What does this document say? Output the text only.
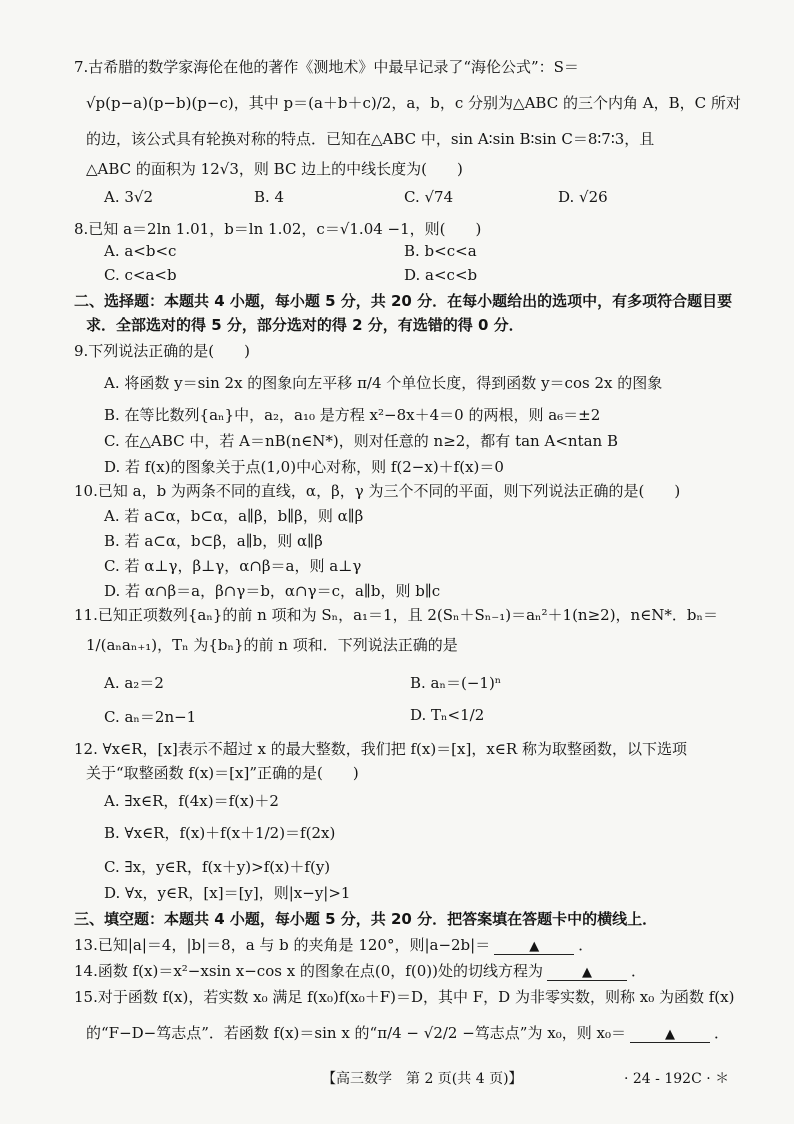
7.古希腊的数学家海伦在他的著作《测地术》中最早记录了“海伦公式”：S＝
√p(p−a)(p−b)(p−c)，其中 p＝(a＋b＋c)/2，a，b，c 分别为△ABC 的三个内角 A，B，C 所对
的边，该公式具有轮换对称的特点．已知在△ABC 中，sin A∶sin B∶sin C＝8∶7∶3，且
△ABC 的面积为 12√3，则 BC 边上的中线长度为(　　)
A. 3√2	B. 4	C. √74	D. √26
8.已知 a＝2ln 1.01，b＝ln 1.02，c＝√1.04 −1，则(　　)
A. a<b<c	B. b<c<a
C. c<a<b	D. a<c<b
二、选择题：本题共 4 小题，每小题 5 分，共 20 分．在每小题给出的选项中，有多项符合题目要
求．全部选对的得 5 分，部分选对的得 2 分，有选错的得 0 分．
9.下列说法正确的是(　　)
A. 将函数 y＝sin 2x 的图象向左平移 π/4 个单位长度，得到函数 y＝cos 2x 的图象
B. 在等比数列{aₙ}中，a₂，a₁₀ 是方程 x²−8x＋4＝0 的两根，则 a₆＝±2
C. 在△ABC 中，若 A＝nB(n∈N*)，则对任意的 n≥2，都有 tan A<ntan B
D. 若 f(x)的图象关于点(1,0)中心对称，则 f(2−x)＋f(x)＝0
10.已知 a，b 为两条不同的直线，α，β，γ 为三个不同的平面，则下列说法正确的是(　　)
A. 若 a⊂α，b⊂α，a∥β，b∥β，则 α∥β
B. 若 a⊂α，b⊂β，a∥b，则 α∥β
C. 若 α⊥γ，β⊥γ，α∩β＝a，则 a⊥γ
D. 若 α∩β＝a，β∩γ＝b，α∩γ＝c，a∥b，则 b∥c
11.已知正项数列{aₙ}的前 n 项和为 Sₙ，a₁＝1，且 2(Sₙ＋Sₙ₋₁)＝aₙ²＋1(n≥2)，n∈N*．bₙ＝
1/(aₙaₙ₊₁)，Tₙ 为{bₙ}的前 n 项和．下列说法正确的是
A. a₂＝2	B. aₙ＝(−1)ⁿ
C. aₙ＝2n−1	D. Tₙ<1/2
12. ∀x∈R，[x]表示不超过 x 的最大整数，我们把 f(x)＝[x]，x∈R 称为取整函数，以下选项
关于“取整函数 f(x)＝[x]”正确的是(　　)
A. ∃x∈R，f(4x)＝f(x)＋2
B. ∀x∈R，f(x)＋f(x＋1/2)＝f(2x)
C. ∃x，y∈R，f(x＋y)>f(x)＋f(y)
D. ∀x，y∈R，[x]＝[y]，则|x−y|>1
三、填空题：本题共 4 小题，每小题 5 分，共 20 分．把答案填在答题卡中的横线上．
13.已知|a|＝4，|b|＝8，a 与 b 的夹角是 120°，则|a−2b|＝	▲	．
14.函数 f(x)＝x²−xsin x−cos x 的图象在点(0，f(0))处的切线方程为	▲	．
15.对于函数 f(x)，若实数 x₀ 满足 f(x₀)f(x₀＋F)＝D，其中 F，D 为非零实数，则称 x₀ 为函数 f(x)
的“F−D−笃志点”．若函数 f(x)＝sin x 的“π/4 − √2/2 −笃志点”为 x₀，则 x₀＝	▲	．
【高三数学　第 2 页(共 4 页)】	· 24 - 192C · ＊
